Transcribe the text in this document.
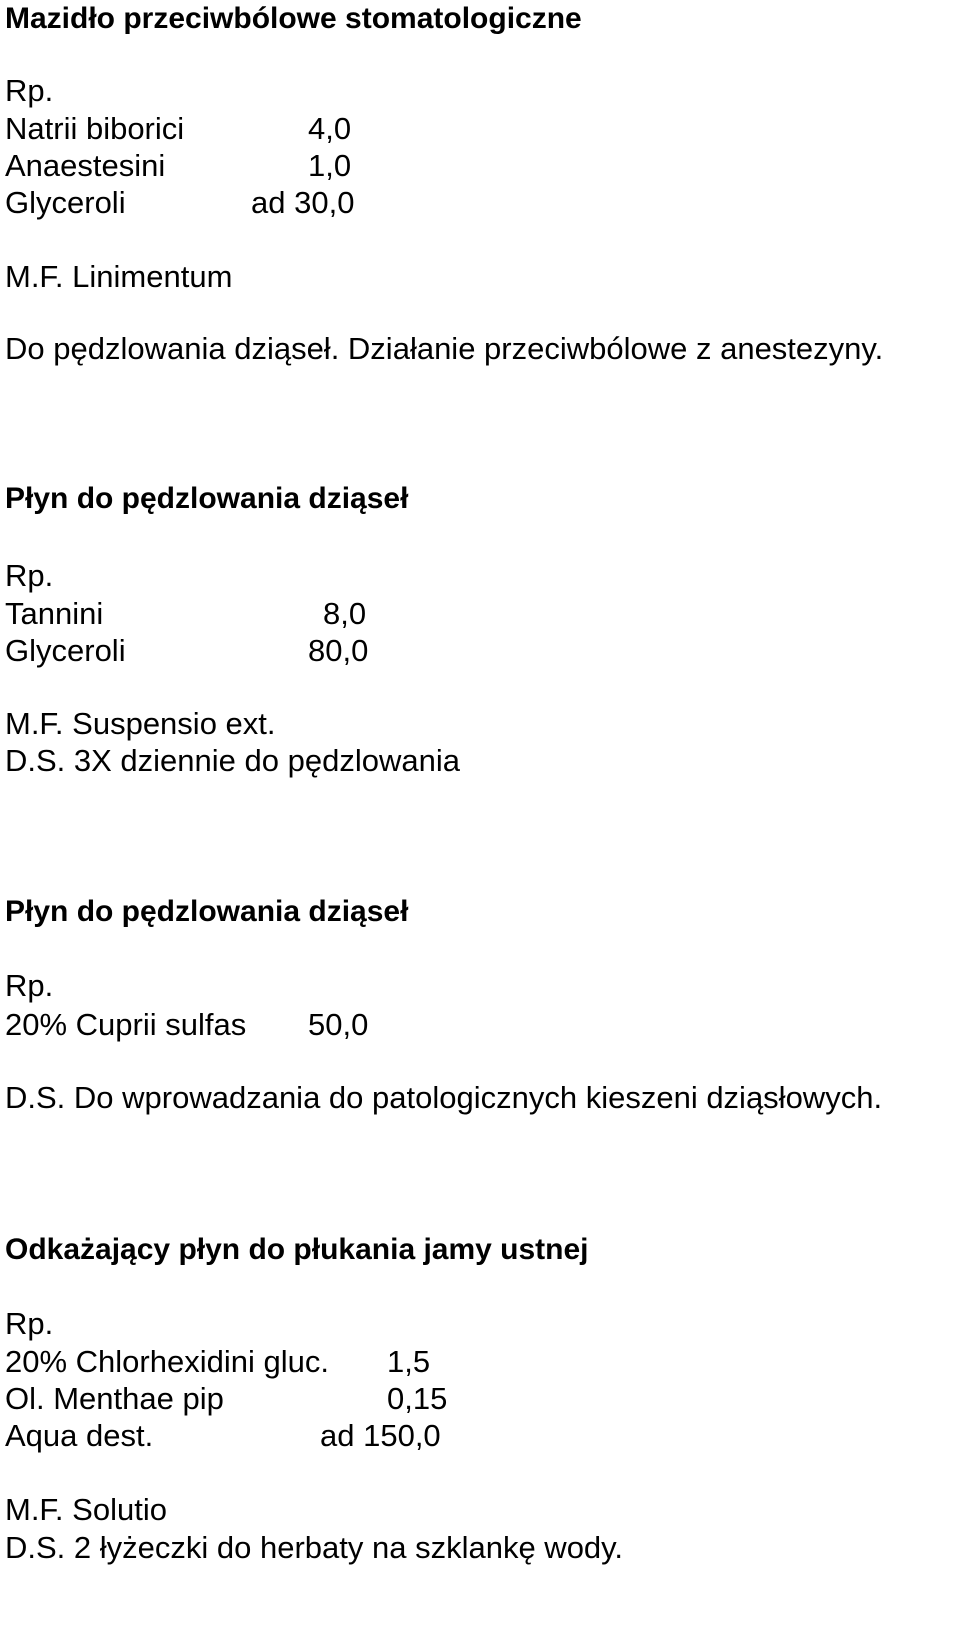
Mazidło przeciwbólowe stomatologiczne
Rp.
Natrii biborici	4,0
Anaestesini	1,0
Glyceroli	ad 30,0
M.F. Linimentum
Do pędzlowania dziąseł. Działanie przeciwbólowe z anestezyny.
Płyn do pędzlowania dziąseł
Rp.
Tannini	8,0
Glyceroli	80,0
M.F. Suspensio ext.
D.S. 3X dziennie do pędzlowania
Płyn do pędzlowania dziąseł
Rp.
20% Cuprii sulfas 50,0
D.S. Do wprowadzania do patologicznych kieszeni dziąsłowych.
Odkażający płyn do płukania jamy ustnej
Rp.
20% Chlorhexidini gluc. 1,5
Ol. Menthae pip	0,15
Aqua dest.	ad 150,0
M.F. Solutio
D.S. 2 łyżeczki do herbaty na szklankę wody.
